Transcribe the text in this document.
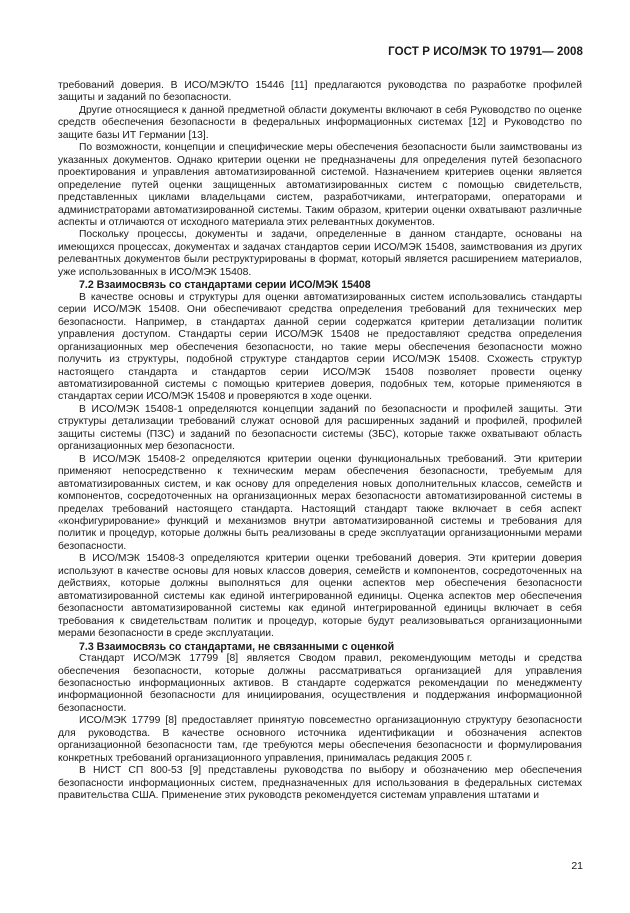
ГОСТ Р ИСО/МЭК ТО 19791— 2008

требований доверия. В ИСО/МЭК/ТО 15446 [11] предлагаются руководства по разработке профилей защиты и заданий по безопасности.

Другие относящиеся к данной предметной области документы включают в себя Руководство по оценке средств обеспечения безопасности в федеральных информационных системах [12] и Руководство по защите базы ИТ Германии [13].

По возможности, концепции и специфические меры обеспечения безопасности были заимствованы из указанных документов. Однако критерии оценки не предназначены для определения путей безопасного проектирования и управления автоматизированной системой. Назначением критериев оценки является определение путей оценки защищенных автоматизированных систем с помощью свидетельств, представленных циклами владельцами систем, разработчиками, интеграторами, операторами и администраторами автоматизированной системы. Таким образом, критерии оценки охватывают различные аспекты и отличаются от исходного материала этих релевантных документов.

Поскольку процессы, документы и задачи, определенные в данном стандарте, основаны на имеющихся процессах, документах и задачах стандартов серии ИСО/МЭК 15408, заимствования из других релевантных документов были реструктурированы в формат, который является расширением материалов, уже использованных в ИСО/МЭК 15408.

7.2 Взаимосвязь со стандартами серии ИСО/МЭК 15408

В качестве основы и структуры для оценки автоматизированных систем использовались стандарты серии ИСО/МЭК 15408. Они обеспечивают средства определения требований для технических мер безопасности. Например, в стандартах данной серии содержатся критерии детализации политик управления доступом. Стандарты серии ИСО/МЭК 15408 не предоставляют средства определения организационных мер обеспечения безопасности, но такие меры обеспечения безопасности можно получить из структуры, подобной структуре стандартов серии ИСО/МЭК 15408. Схожесть структур настоящего стандарта и стандартов серии ИСО/МЭК 15408 позволяет провести оценку автоматизированной системы с помощью критериев доверия, подобных тем, которые применяются в стандартах серии ИСО/МЭК 15408 и проверяются в ходе оценки.

В ИСО/МЭК 15408-1 определяются концепции заданий по безопасности и профилей защиты. Эти структуры детализации требований служат основой для расширенных заданий и профилей, профилей защиты системы (ПЗС) и заданий по безопасности системы (ЗБС), которые также охватывают область организационных мер безопасности.

В ИСО/МЭК 15408-2 определяются критерии оценки функциональных требований. Эти критерии применяют непосредственно к техническим мерам обеспечения безопасности, требуемым для автоматизированных систем, и как основу для определения новых дополнительных классов, семейств и компонентов, сосредоточенных на организационных мерах безопасности автоматизированной системы в пределах требований настоящего стандарта. Настоящий стандарт также включает в себя аспект «конфигурирование» функций и механизмов внутри автоматизированной системы и требования для политик и процедур, которые должны быть реализованы в среде эксплуатации организационными мерами безопасности.

В ИСО/МЭК 15408-3 определяются критерии оценки требований доверия. Эти критерии доверия используют в качестве основы для новых классов доверия, семейств и компонентов, сосредоточенных на действиях, которые должны выполняться для оценки аспектов мер обеспечения безопасности автоматизированной системы как единой интегрированной единицы. Оценка аспектов мер обеспечения безопасности автоматизированной системы как единой интегрированной единицы включает в себя требования к свидетельствам политик и процедур, которые будут реализовываться организационными мерами безопасности в среде эксплуатации.

7.3 Взаимосвязь со стандартами, не связанными с оценкой

Стандарт ИСО/МЭК 17799 [8] является Сводом правил, рекомендующим методы и средства обеспечения безопасности, которые должны рассматриваться организацией для управления безопасностью информационных активов. В стандарте содержатся рекомендации по менеджменту информационной безопасности для инициирования, осуществления и поддержания информационной безопасности.

ИСО/МЭК 17799 [8] предоставляет принятую повсеместно организационную структуру безопасности для руководства. В качестве основного источника идентификации и обозначения аспектов организационной безопасности там, где требуются меры обеспечения безопасности и формулирования конкретных требований организационного управления, принималась редакция 2005 г.

В НИСТ СП 800-53 [9] представлены руководства по выбору и обозначению мер обеспечения безопасности информационных систем, предназначенных для использования в федеральных системах правительства США. Применение этих руководств рекомендуется системам управления штатами и

21
